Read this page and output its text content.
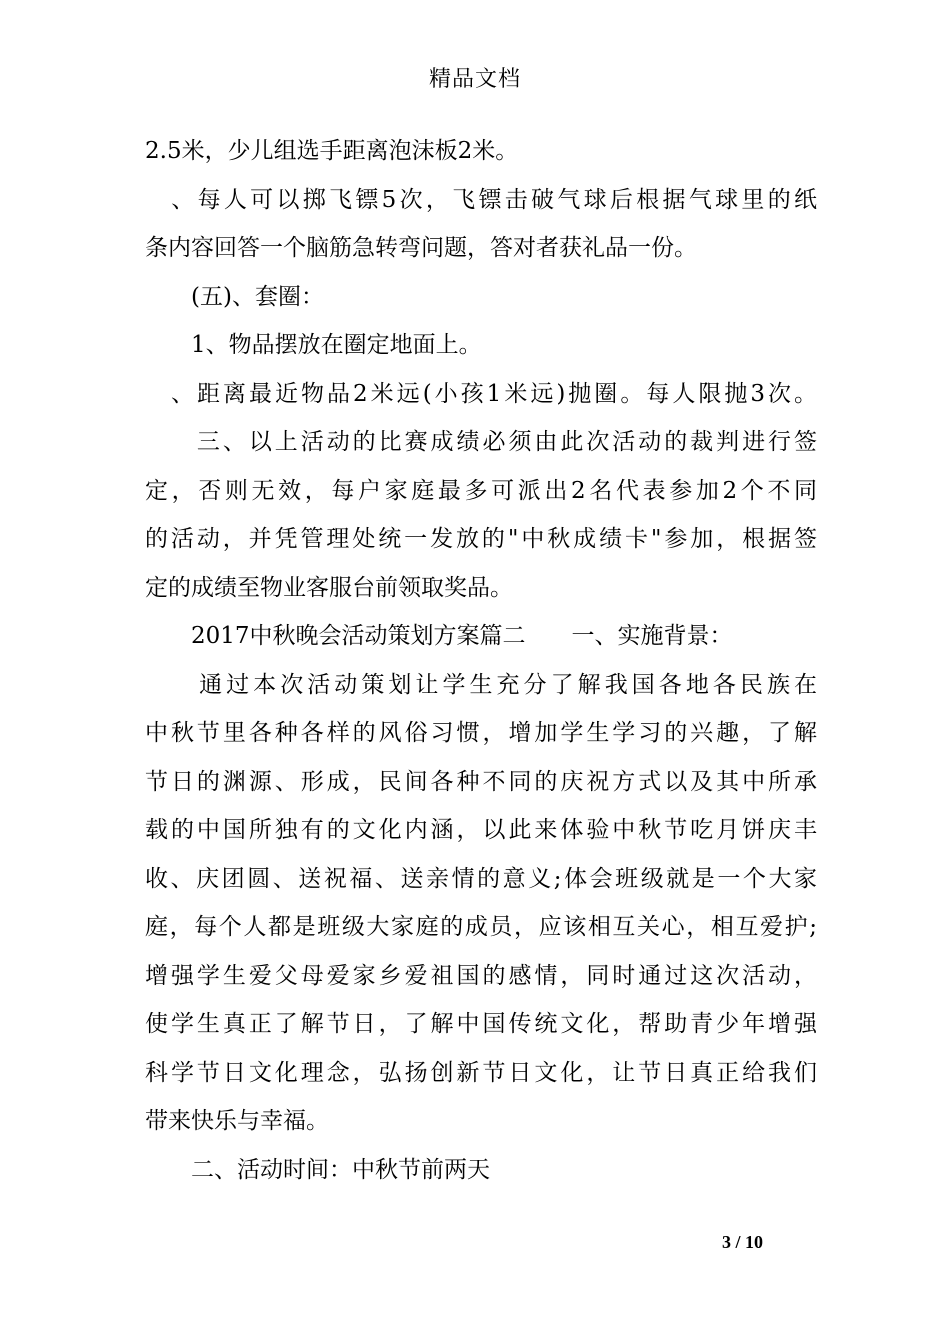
精品文档
2.5米，少儿组选手距离泡沫板2米。
　、每人可以掷飞镖5次，飞镖击破气球后根据气球里的纸
条内容回答一个脑筋急转弯问题，答对者获礼品一份。
　　(五)、套圈：
　　1、物品摆放在圈定地面上。
　、距离最近物品2米远(小孩1米远)抛圈。每人限抛3次。
　　三、以上活动的比赛成绩必须由此次活动的裁判进行签
定，否则无效，每户家庭最多可派出2名代表参加2个不同
的活动，并凭管理处统一发放的"中秋成绩卡"参加，根据签
定的成绩至物业客服台前领取奖品。
　　2017中秋晚会活动策划方案篇二　　一、实施背景：
　　通过本次活动策划让学生充分了解我国各地各民族在
中秋节里各种各样的风俗习惯，增加学生学习的兴趣，了解
节日的渊源、形成，民间各种不同的庆祝方式以及其中所承
载的中国所独有的文化内涵，以此来体验中秋节吃月饼庆丰
收、庆团圆、送祝福、送亲情的意义;体会班级就是一个大家
庭，每个人都是班级大家庭的成员，应该相互关心，相互爱护;
增强学生爱父母爱家乡爱祖国的感情，同时通过这次活动，
使学生真正了解节日，了解中国传统文化，帮助青少年增强
科学节日文化理念，弘扬创新节日文化，让节日真正给我们
带来快乐与幸福。
　　二、活动时间：中秋节前两天
3 / 10
